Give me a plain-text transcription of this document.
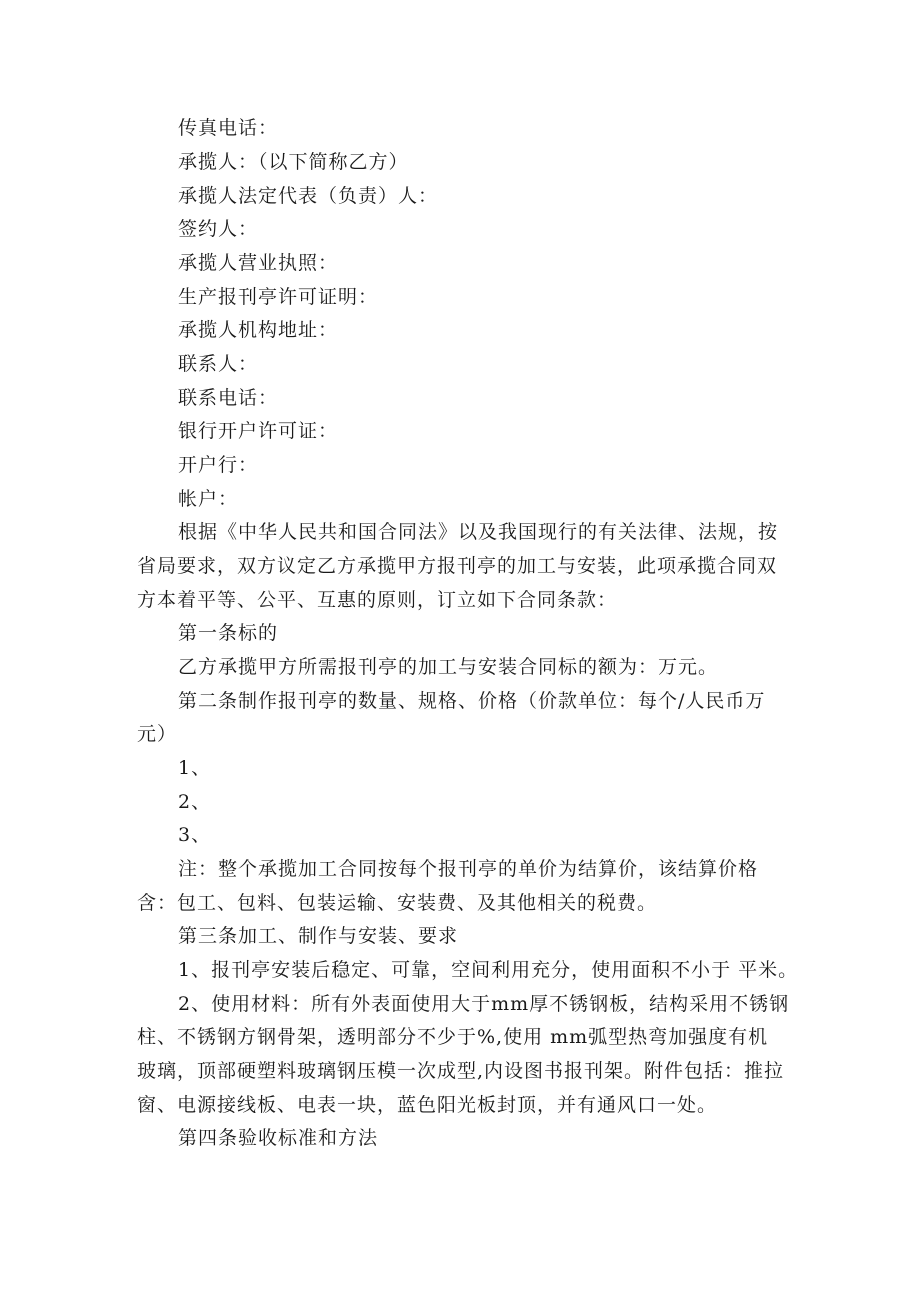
传真电话：
承揽人：（以下简称乙方）
承揽人法定代表（负责）人：
签约人：
承揽人营业执照：
生产报刊亭许可证明：
承揽人机构地址：
联系人：
联系电话：
银行开户许可证：
开户行：
帐户：
根据《中华人民共和国合同法》以及我国现行的有关法律、法规，按
省局要求，双方议定乙方承揽甲方报刊亭的加工与安装，此项承揽合同双
方本着平等、公平、互惠的原则，订立如下合同条款：
第一条标的
乙方承揽甲方所需报刊亭的加工与安装合同标的额为：万元。
第二条制作报刊亭的数量、规格、价格（价款单位：每个/人民币万
元）
1、
2、
3、
注：整个承揽加工合同按每个报刊亭的单价为结算价，该结算价格
含：包工、包料、包装运输、安装费、及其他相关的税费。
第三条加工、制作与安装、要求
1、报刊亭安装后稳定、可靠，空间利用充分，使用面积不小于 平米。
2、使用材料：所有外表面使用大于mm厚不锈钢板，结构采用不锈钢
柱、不锈钢方钢骨架，透明部分不少于%,使用 mm弧型热弯加强度有机
玻璃，顶部硬塑料玻璃钢压模一次成型,内设图书报刊架。附件包括：推拉
窗、电源接线板、电表一块，蓝色阳光板封顶，并有通风口一处。
第四条验收标准和方法
